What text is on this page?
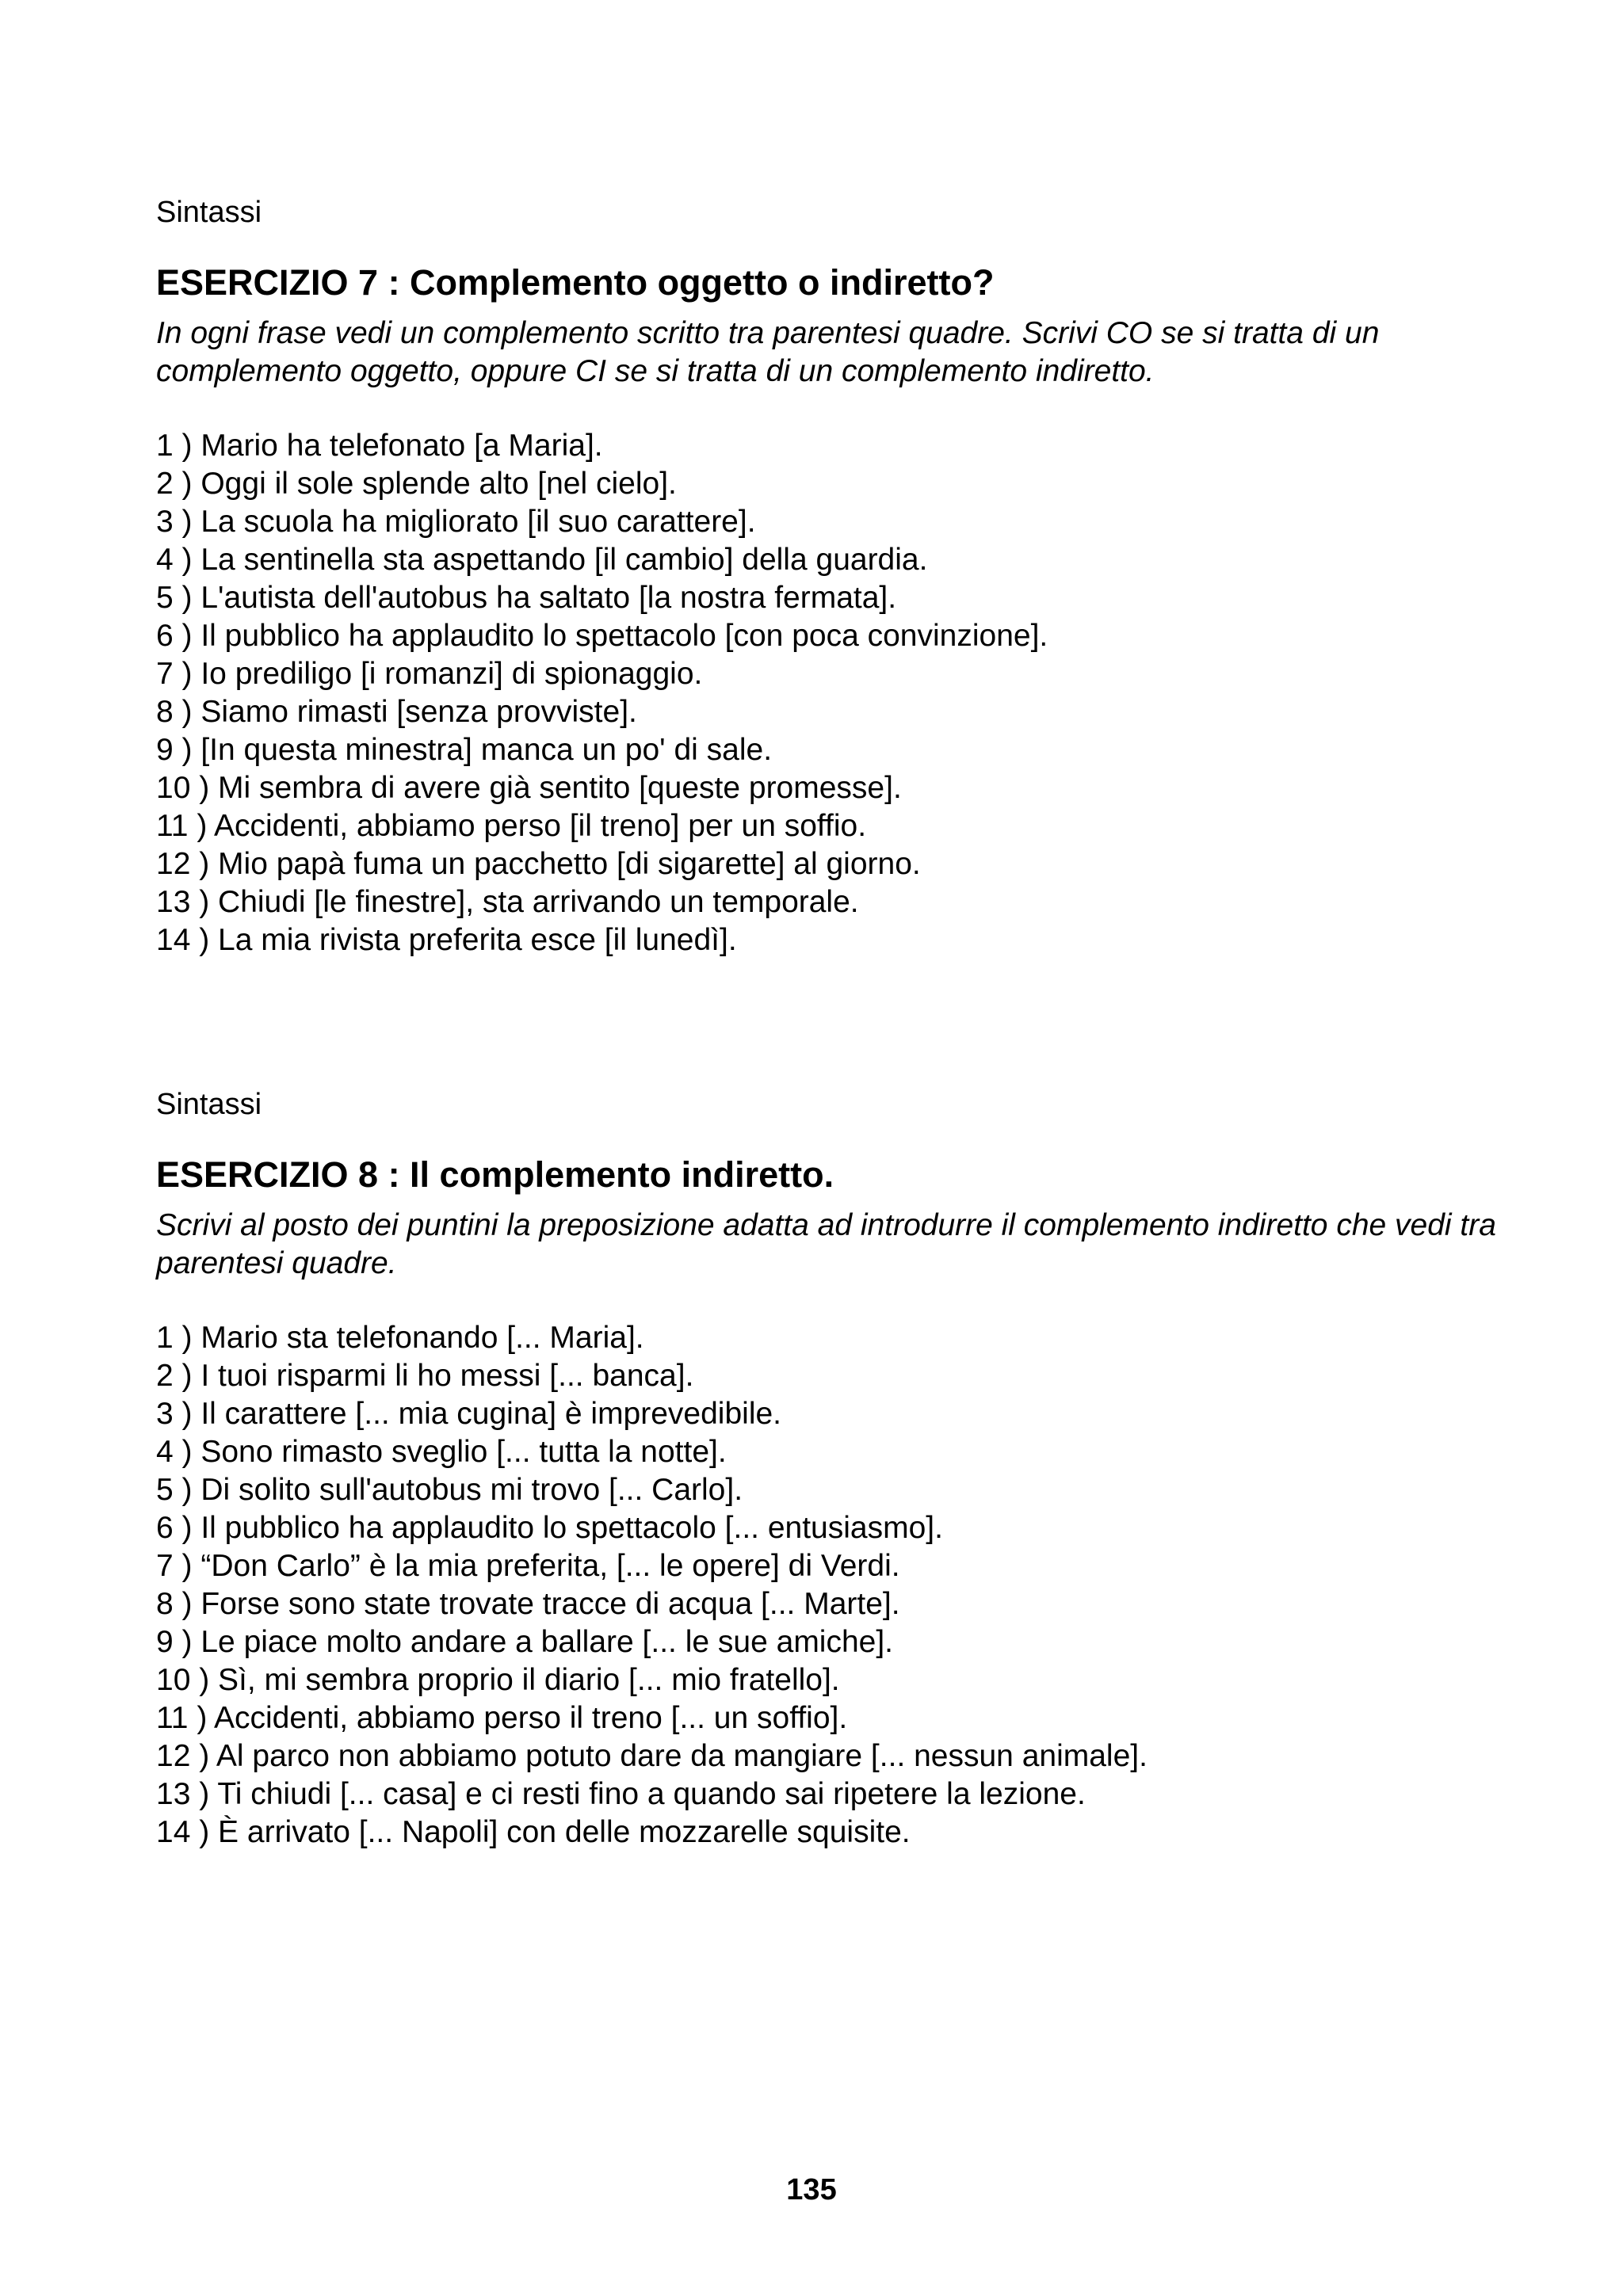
Sintassi

ESERCIZIO 7 : Complemento oggetto o indiretto?

In ogni frase vedi un complemento scritto tra parentesi quadre. Scrivi CO se si tratta di un complemento oggetto, oppure CI se si tratta di un complemento indiretto.

1 ) Mario ha telefonato [a Maria].
2 ) Oggi il sole splende alto [nel cielo].
3 ) La scuola ha migliorato [il suo carattere].
4 ) La sentinella sta aspettando [il cambio] della guardia.
5 ) L'autista dell'autobus ha saltato [la nostra fermata].
6 ) Il pubblico ha applaudito lo spettacolo [con poca convinzione].
7 ) Io prediligo [i romanzi] di spionaggio.
8 ) Siamo rimasti [senza provviste].
9 ) [In questa minestra] manca un po' di sale.
10 ) Mi sembra di avere già sentito [queste promesse].
11 ) Accidenti, abbiamo perso [il treno] per un soffio.
12 ) Mio papà fuma un pacchetto [di sigarette] al giorno.
13 ) Chiudi [le finestre], sta arrivando un temporale.
14 ) La mia rivista preferita esce [il lunedì].

Sintassi

ESERCIZIO 8 : Il complemento indiretto.

Scrivi al posto dei puntini la preposizione adatta ad introdurre il complemento indiretto che vedi tra parentesi quadre.

1 ) Mario sta telefonando [... Maria].
2 ) I tuoi risparmi li ho messi [... banca].
3 ) Il carattere [... mia cugina] è imprevedibile.
4 ) Sono rimasto sveglio [... tutta la notte].
5 ) Di solito sull'autobus mi trovo [... Carlo].
6 ) Il pubblico ha applaudito lo spettacolo [... entusiasmo].
7 ) “Don Carlo” è la mia preferita, [... le opere] di Verdi.
8 ) Forse sono state trovate tracce di acqua [... Marte].
9 ) Le piace molto andare a ballare [... le sue amiche].
10 ) Sì, mi sembra proprio il diario [... mio fratello].
11 ) Accidenti, abbiamo perso il treno [... un soffio].
12 ) Al parco non abbiamo potuto dare da mangiare [... nessun animale].
13 ) Ti chiudi [... casa] e ci resti fino a quando sai ripetere la lezione.
14 ) È arrivato [... Napoli] con delle mozzarelle squisite.
135
